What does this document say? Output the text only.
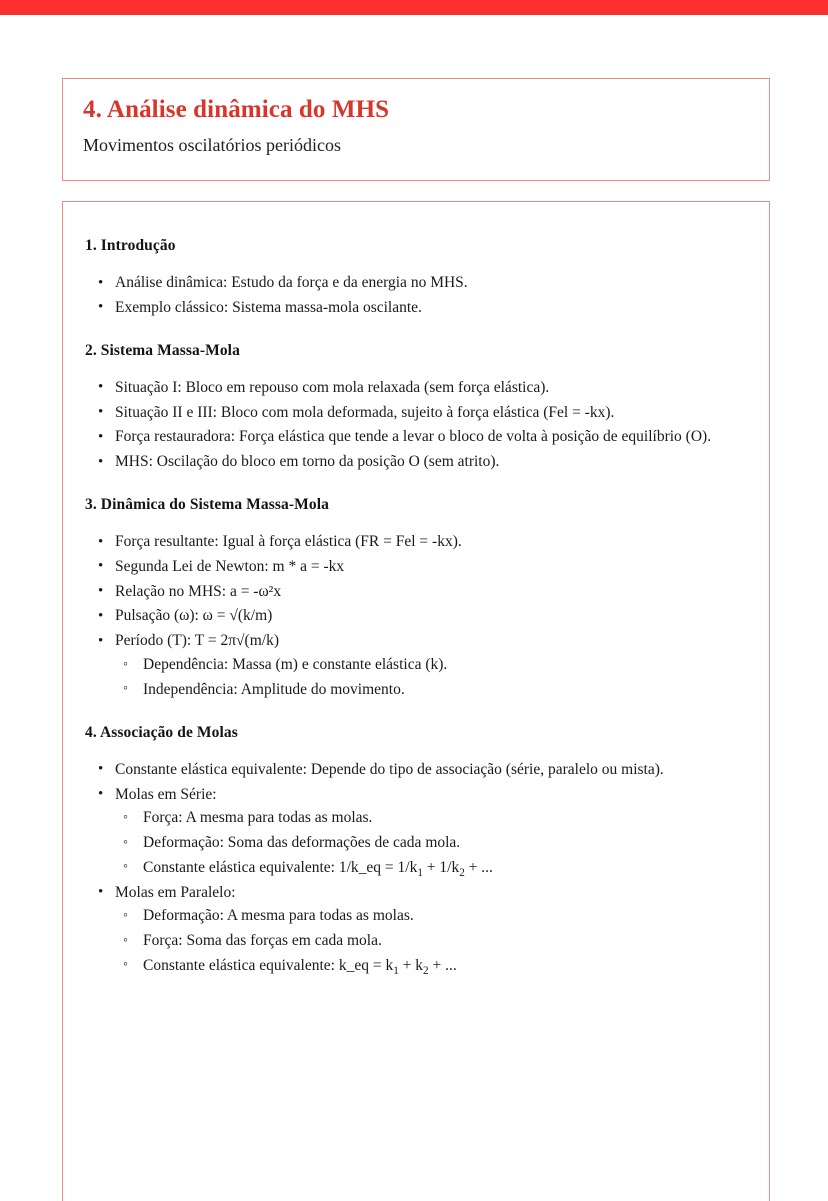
4. Análise dinâmica do MHS
Movimentos oscilatórios periódicos
1. Introdução
• Análise dinâmica: Estudo da força e da energia no MHS.
• Exemplo clássico: Sistema massa-mola oscilante.
2. Sistema Massa-Mola
• Situação I: Bloco em repouso com mola relaxada (sem força elástica).
• Situação II e III: Bloco com mola deformada, sujeito à força elástica (Fel = -kx).
• Força restauradora: Força elástica que tende a levar o bloco de volta à posição de equilíbrio (O).
• MHS: Oscilação do bloco em torno da posição O (sem atrito).
3. Dinâmica do Sistema Massa-Mola
• Força resultante: Igual à força elástica (FR = Fel = -kx).
• Segunda Lei de Newton: m * a = -kx
• Relação no MHS: a = -ω²x
• Pulsação (ω): ω = √(k/m)
• Período (T): T = 2π√(m/k)
◦ Dependência: Massa (m) e constante elástica (k).
◦ Independência: Amplitude do movimento.
4. Associação de Molas
• Constante elástica equivalente: Depende do tipo de associação (série, paralelo ou mista).
• Molas em Série:
◦ Força: A mesma para todas as molas.
◦ Deformação: Soma das deformações de cada mola.
◦ Constante elástica equivalente: 1/k_eq = $1/k_1 + 1/k_2$ + ...
• Molas em Paralelo:
◦ Deformação: A mesma para todas as molas.
◦ Força: Soma das forças em cada mola.
◦ Constante elástica equivalente: k_eq = $k_1 + k_2$ + ...
